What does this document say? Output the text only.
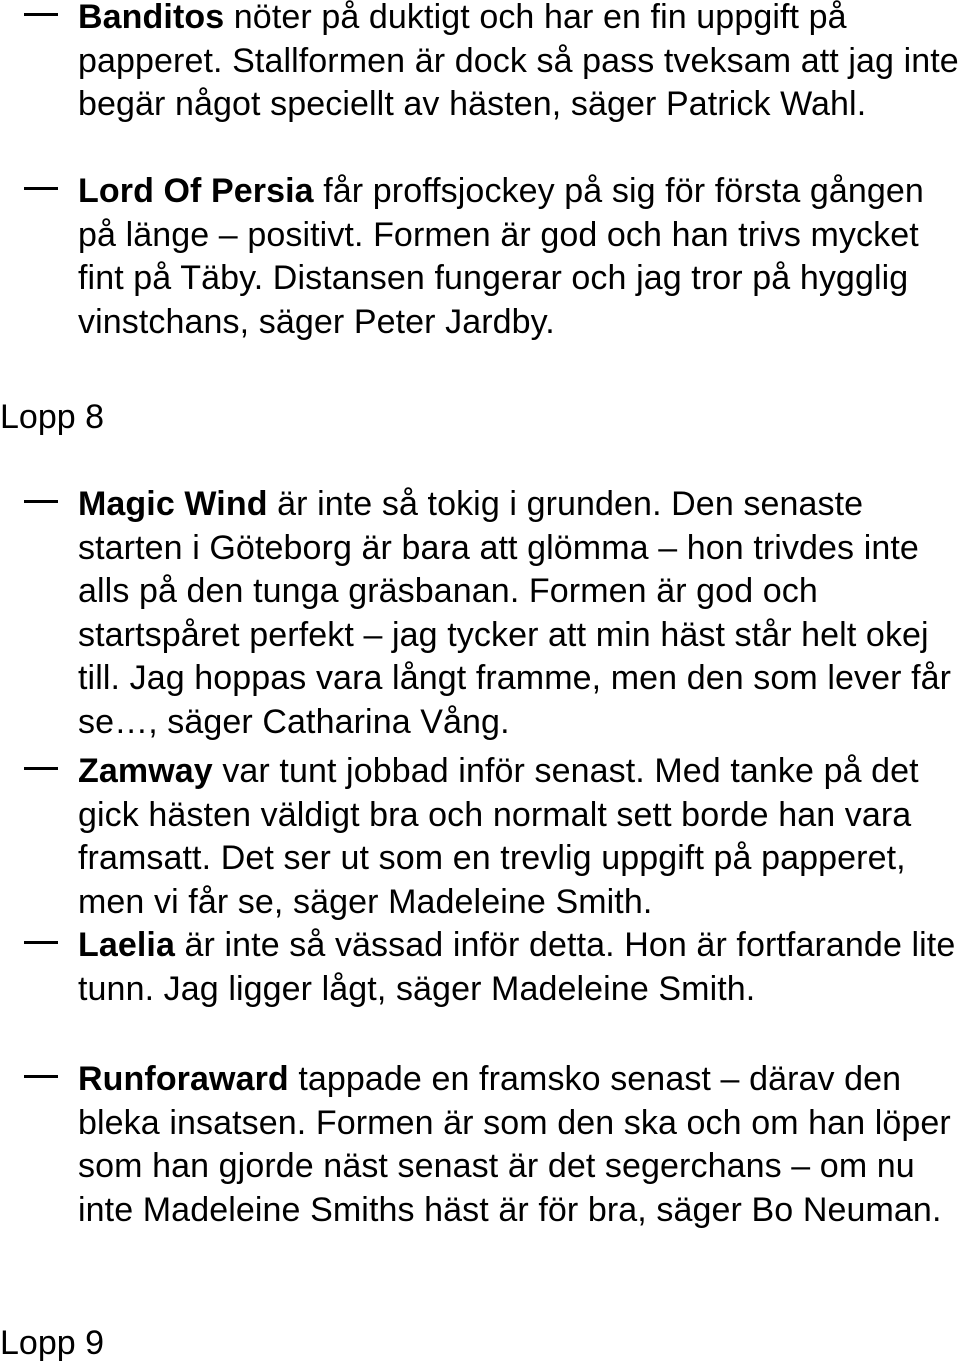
Banditos nöter på duktigt och har en fin uppgift på papperet. Stallformen är dock så pass tveksam att jag inte begär något speciellt av hästen, säger Patrick Wahl.
Lord Of Persia får proffsjockey på sig för första gången på länge – positivt. Formen är god och han trivs mycket fint på Täby. Distansen fungerar och jag tror på hygglig vinstchans, säger Peter Jardby.
Lopp 8
Magic Wind är inte så tokig i grunden. Den senaste starten i Göteborg är bara att glömma – hon trivdes inte alls på den tunga gräsbanan. Formen är god och startspåret perfekt – jag tycker att min häst står helt okej till. Jag hoppas vara långt framme, men den som lever får se…, säger Catharina Vång.
Zamway var tunt jobbad inför senast. Med tanke på det gick hästen väldigt bra och normalt sett borde han vara framsatt. Det ser ut som en trevlig uppgift på papperet, men vi får se, säger Madeleine Smith.
Laelia är inte så vässad inför detta. Hon är fortfarande lite tunn. Jag ligger lågt, säger Madeleine Smith.
Runforaward tappade en framsko senast – därav den bleka insatsen. Formen är som den ska och om han löper som han gjorde näst senast är det segerchans – om nu inte Madeleine Smiths häst är för bra, säger Bo Neuman.
Lopp 9
